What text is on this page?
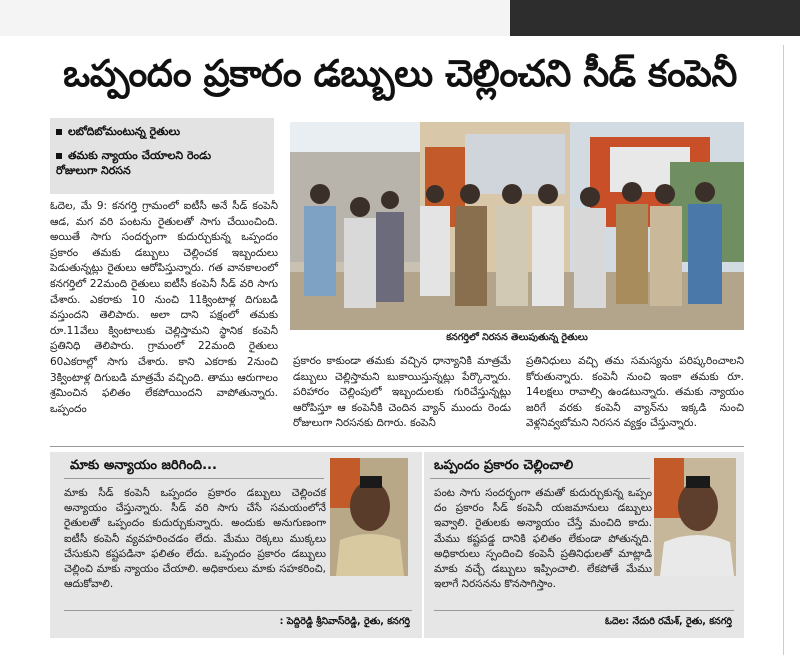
ఒప్పందం ప్రకారం డబ్బులు చెల్లించని సీడ్ కంపెనీ
లబోదిబోమంటున్న రైతులు
తమకు న్యాయం చేయాలని రెండు రోజులుగా నిరసన
ఓదెల, మే 9: కనగర్తి గ్రామంలో ఐటీసీ అనే సీడ్ కంపెనీ ఆడ, మగ వరి పంటను రైతులతో సాగు చేయించింది. అయితే సాగు సందర్భంగా కుదుర్చుకున్న ఒప్పందం ప్రకారం తమకు డబ్బులు చెల్లించక ఇబ్బందులు పెడుతున్నట్లు రైతులు ఆరోపిస్తున్నారు. గత వానకాలంలో కనగర్తిలో 22మంది రైతులు ఐటీసీ కంపెనీ సీడ్ వరి సాగు చేశారు. ఎకరాకు 10 నుంచి 11క్వింటాళ్ల దిగుబడి వస్తుందని తెలిపారు. అలా దాని పక్షంలో తమకు రూ.11వేలు క్వింటాలుకు చెల్లిస్తామని స్థానిక కంపెనీ ప్రతినిధి తెలిపారు. గ్రామంలో 22మంది రైతులు 60ఎకరాల్లో సాగు చేశారు. కాని ఎకరాకు 2నుంచి 3క్వింటాళ్ల దిగుబడి మాత్రమే వచ్చింది. తాము ఆరుగాలం శ్రమించిన ఫలితం లేకపోయిందని వాపోతున్నారు. ఒప్పందం
కనగర్తిలో నిరసన తెలుపుతున్న రైతులు
ప్రకారం కాకుండా తమకు వచ్చిన ధాన్యానికి మాత్రమే డబ్బులు చెల్లిస్తామని బుకాయిస్తున్నట్లు పేర్కొన్నారు. పరిహారం చెల్లింపులో ఇబ్బందులకు గురిచేస్తున్నట్లు ఆరోపిస్తూ ఆ కంపెనీకి చెందిన వ్యాన్ ముందు రెండు రోజులుగా నిరసనకు దిగారు. కంపెనీ
ప్రతినిధులు వచ్చి తమ సమస్యను పరిష్కరించాలని కోరుతున్నారు. కంపెనీ నుంచి ఇంకా తమకు రూ. 14లక్షలు రావాల్సి ఉండటున్నారు. తమకు న్యాయం జరిగే వరకు కంపెనీ వ్యాన్‌ను ఇక్కడి నుంచి వెళ్లనివ్వబోమని నిరసన వ్యక్తం చేస్తున్నారు.
మాకు అన్యాయం జరిగింది...
మాకు సీడ్ కంపెనీ ఒప్పందం ప్రకారం డబ్బులు చెల్లించక అన్యాయం చేస్తున్నారు. సీడ్ వరి సాగు చేసే సమయంలోనే రైతులతో ఒప్పందం కుదుర్చుకున్నారు. అందుకు అనుగుణంగా ఐటీసీ కంపెనీ వ్యవహరించడం లేదు. మేము రెక్కలు ముక్కలు చేసుకుని కష్టపడినా ఫలితం లేదు. ఒప్పందం ప్రకారం డబ్బులు చెల్లించి మాకు న్యాయం చేయాలి. అధికారులు మాకు సహకరించి, ఆదుకోవాలి.
: పెద్దిరెడ్డి శ్రీనివాస్‌రెడ్డి, రైతు, కనగర్తి
ఒప్పందం ప్రకారం చెల్లించాలి
పంట సాగు సందర్భంగా తమతో కుదుర్చుకున్న ఒప్పం దం ప్రకారం సీడ్ కంపెనీ యజమానులు డబ్బులు ఇవ్వాలి. రైతులకు అన్యాయం చేస్తే మంచిది కాదు. మేము కష్టపడ్డ దానికి ఫలితం లేకుండా పోతున్నది. అధికారులు స్పందించి కంపెనీ ప్రతినిధులతో మాట్లాడి మాకు వచ్చే డబ్బులు ఇప్పించాలి. లేకపోతే మేము ఇలాగే నిరసనను కొనసాగిస్తాం.
ఓదెల: నేదురి రమేశ్, రైతు, కనగర్తి
